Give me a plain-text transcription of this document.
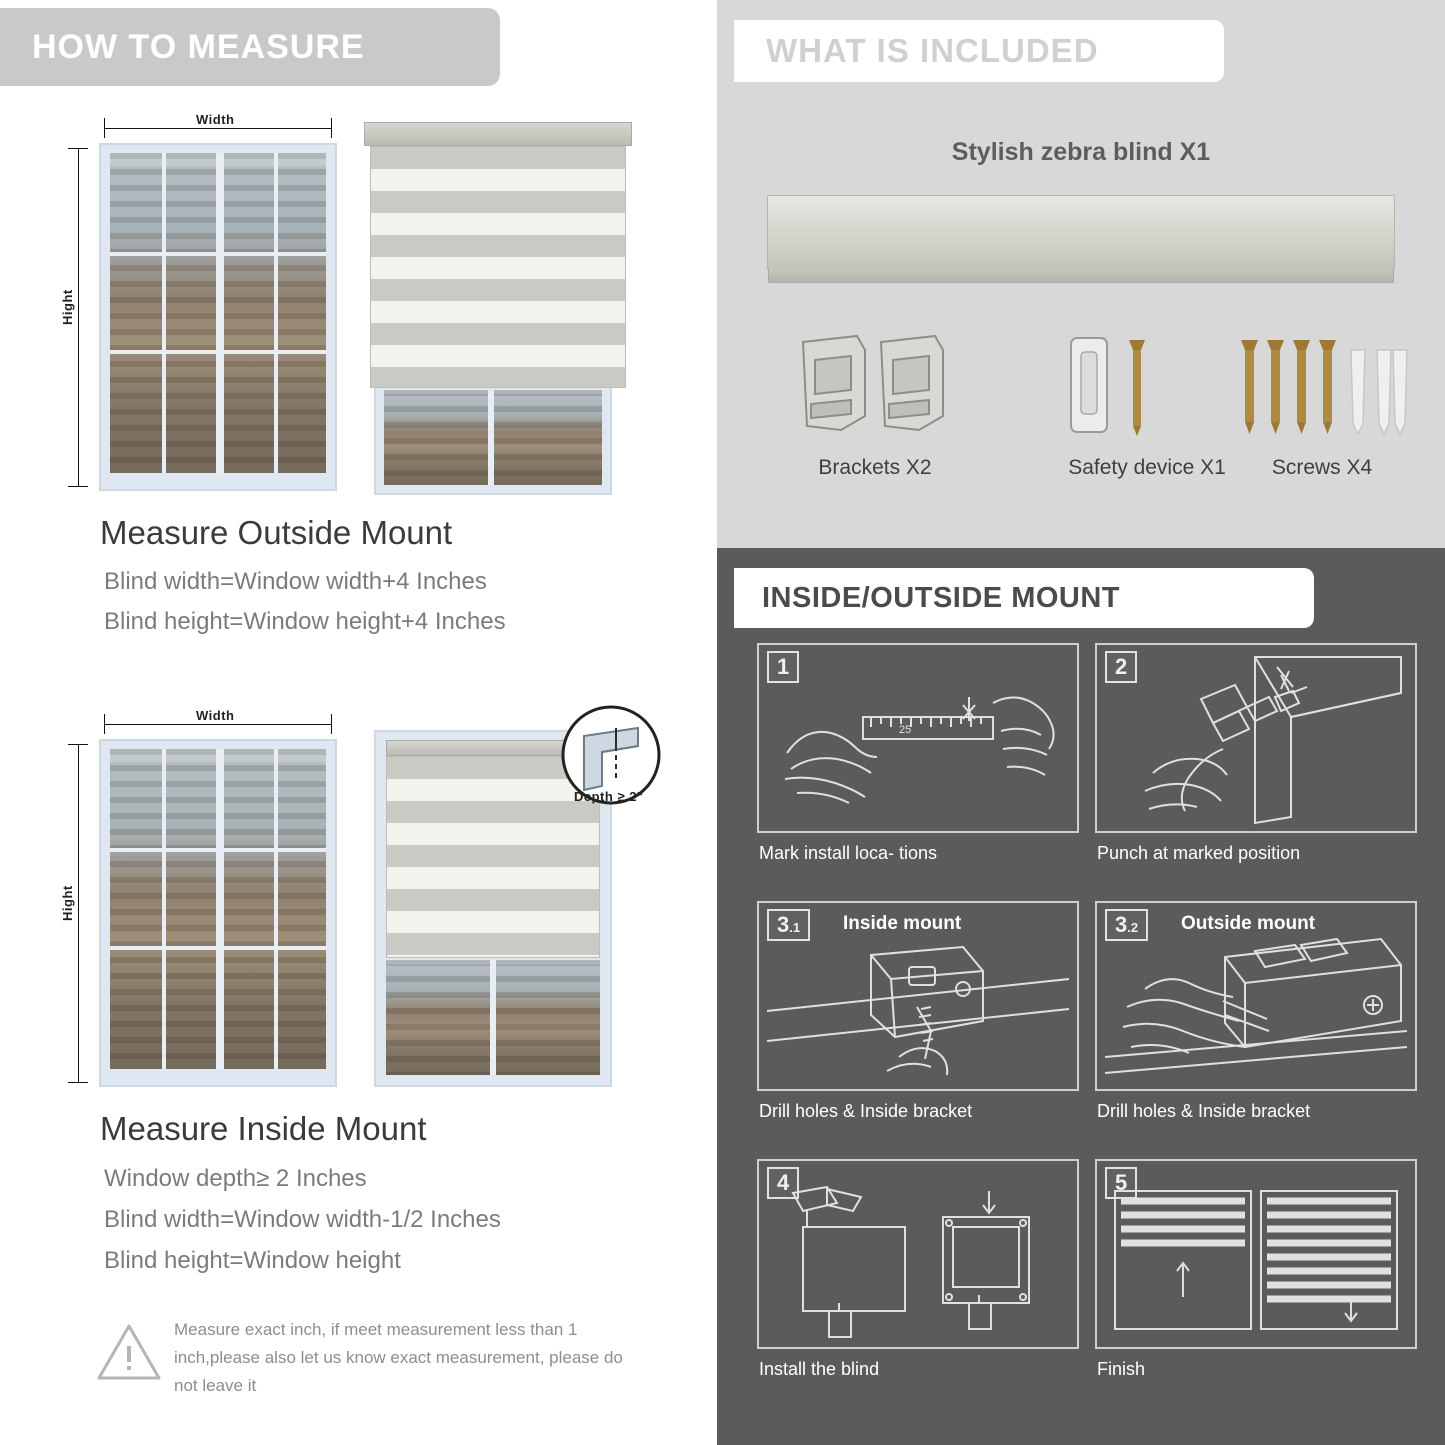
HOW TO MEASURE
Width
Hight
Measure Outside Mount
Blind width=Window width+4 Inches
Blind height=Window height+4 Inches
Width
Hight
Depth ≥ 2"
Measure Inside Mount
Window depth≥ 2 Inches
Blind width=Window width-1/2 Inches
Blind height=Window height
Measure exact inch, if meet measurement less than 1 inch,please also let us know exact measurement, please do not leave it
WHAT IS INCLUDED
Stylish zebra blind X1
Brackets X2	Safety device X1	Screws X4
INSIDE/OUTSIDE MOUNT
25
1
Mark install loca- tions
2
Punch at marked position
3.1	Inside mount
Drill holes & Inside bracket
3.2	Outside mount
Drill holes & Inside bracket
4
Install the blind
5
Finish
